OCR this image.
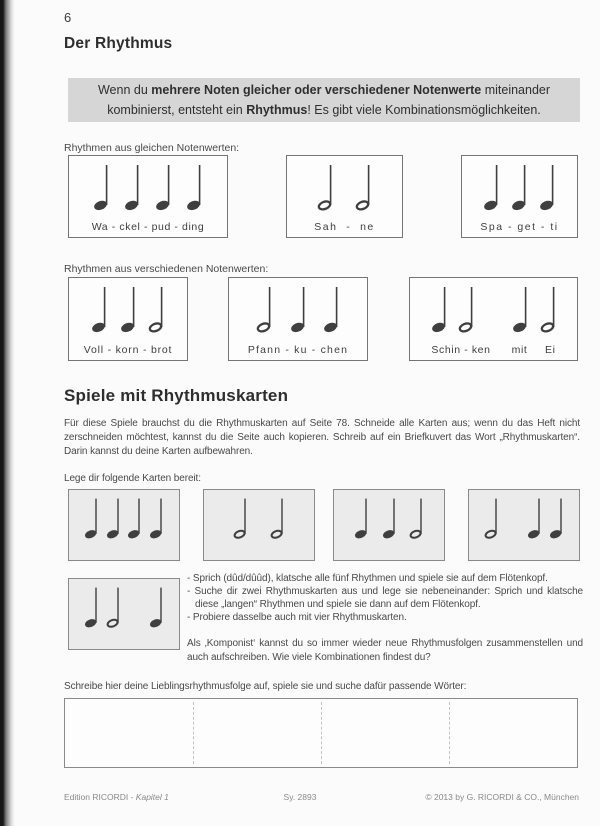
6
Der Rhythmus
Wenn du mehrere Noten gleicher oder verschiedener Notenwerte miteinander kombinierst, entsteht ein Rhythmus! Es gibt viele Kombinationsmöglichkeiten.
Rhythmen aus gleichen Notenwerten:
Wa - ckel - pud - ding	Sah  -  ne	Spa - get - ti
Rhythmen aus verschiedenen Notenwerten:
Voll - korn - brot	Pfann - ku - chen	Schin - ken      mit     Ei
Spiele mit Rhythmuskarten

Für diese Spiele brauchst du die Rhythmuskarten auf Seite 78. Schneide alle Karten aus; wenn du das Heft nicht zerschneiden möchtest, kannst du die Seite auch kopieren. Schreib auf ein Briefkuvert das Wort „Rhythmuskarten“. Darin kannst du deine Karten aufbewahren.

Lege dir folgende Karten bereit:
- Sprich (dûd/dûûd), klatsche alle fünf Rhythmen und spiele sie auf dem Flötenkopf.
- Suche dir zwei Rhythmuskarten aus und lege sie nebeneinander: Sprich und klatsche diese „langen“ Rhythmen und spiele sie dann auf dem Flötenkopf.
- Probiere dasselbe auch mit vier Rhythmuskarten.

Als ‚Komponist‘ kannst du so immer wieder neue Rhythmusfolgen zusammenstellen und auch aufschreiben. Wie viele Kombinationen findest du?

Schreibe hier deine Lieblingsrhythmusfolge auf, spiele sie und suche dafür passende Wörter:
Edition RICORDI - Kapitel 1	Sy. 2893	© 2013 by G. RICORDI & CO., München
